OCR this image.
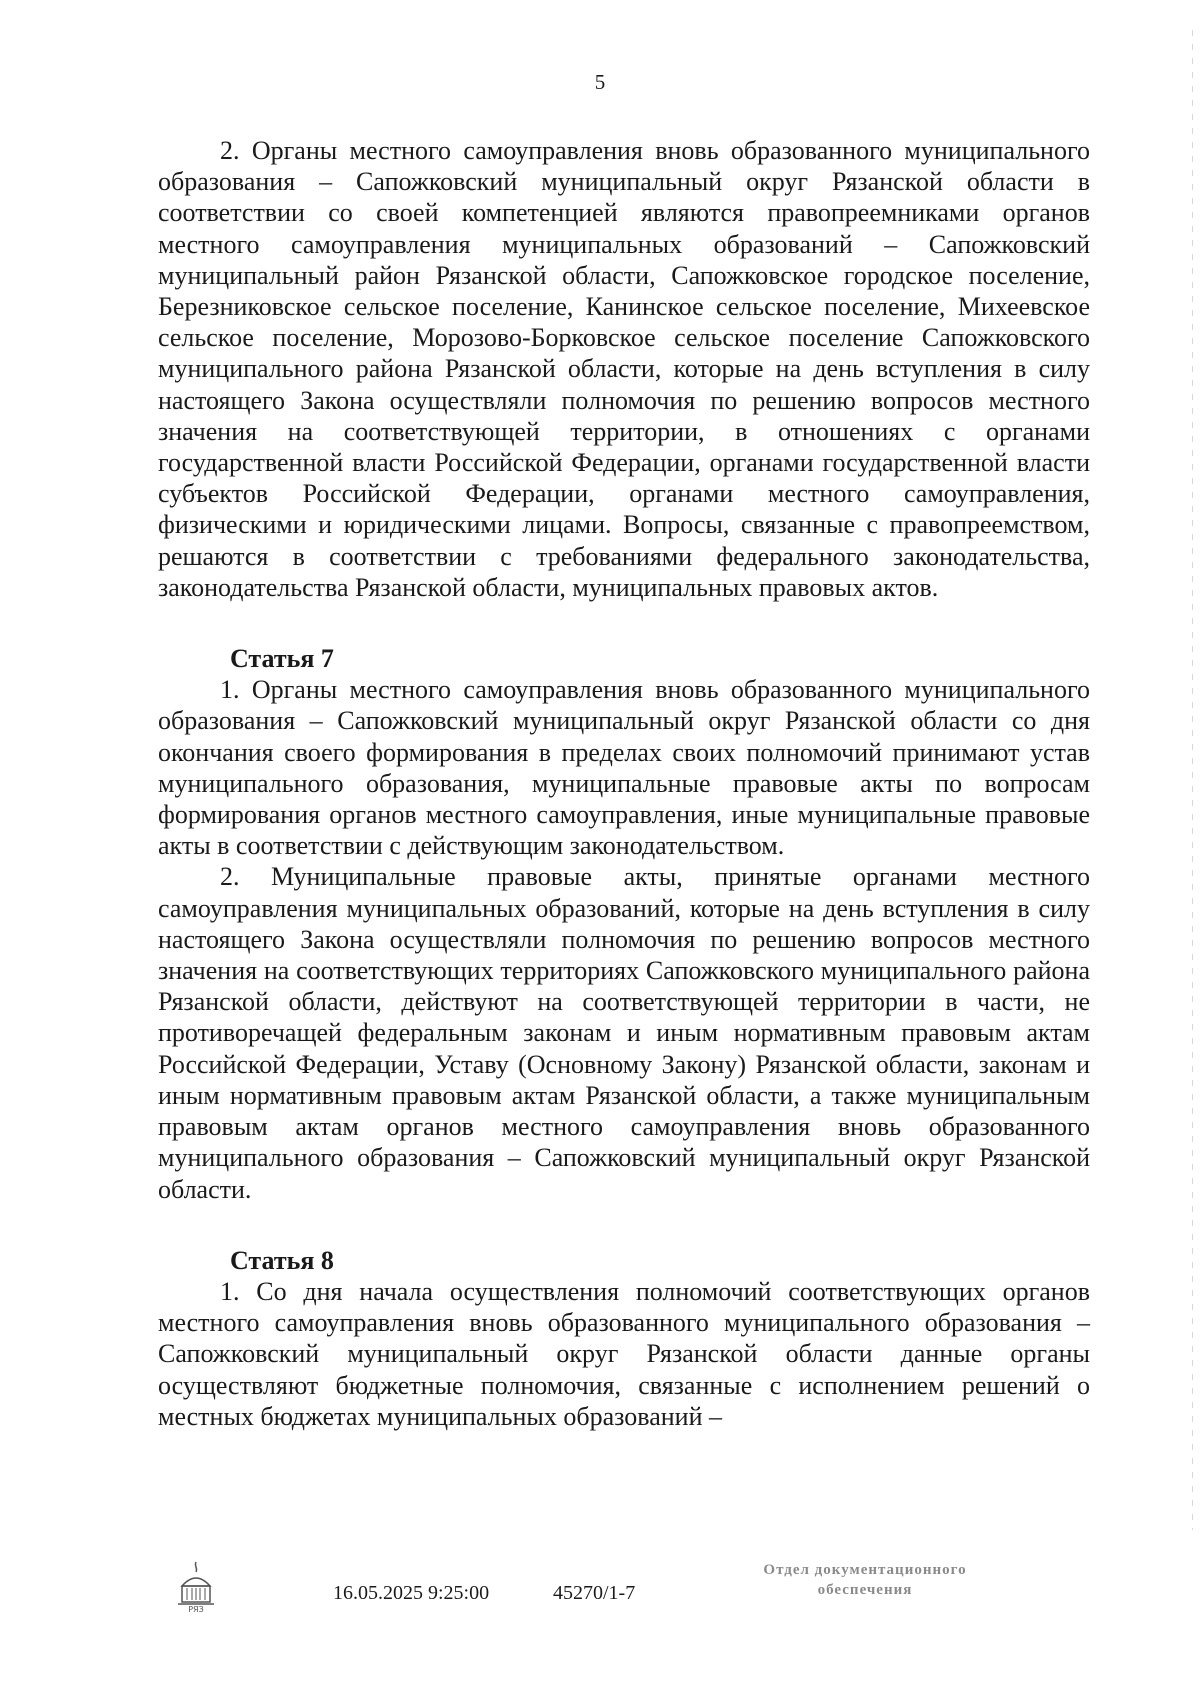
5

2. Органы местного самоуправления вновь образованного муниципального образования – Сапожковский муниципальный округ Рязанской области в соответствии со своей компетенцией являются правопреемниками органов местного самоуправления муниципальных образований – Сапожковский муниципальный район Рязанской области, Сапожковское городское поселение, Березниковское сельское поселение, Канинское сельское поселение, Михеевское сельское поселение, Морозово-Борковское сельское поселение Сапожковского муниципального района Рязанской области, которые на день вступления в силу настоящего Закона осуществляли полномочия по решению вопросов местного значения на соответствующей территории, в отношениях с органами государственной власти Российской Федерации, органами государственной власти субъектов Российской Федерации, органами местного самоуправления, физическими и юридическими лицами. Вопросы, связанные с правопреемством, решаются в соответствии с требованиями федерального законодательства, законодательства Рязанской области, муниципальных правовых актов.

Статья 7

1. Органы местного самоуправления вновь образованного муниципального образования – Сапожковский муниципальный округ Рязанской области со дня окончания своего формирования в пределах своих полномочий принимают устав муниципального образования, муниципальные правовые акты по вопросам формирования органов местного самоуправления, иные муниципальные правовые акты в соответствии с действующим законодательством.

2. Муниципальные правовые акты, принятые органами местного самоуправления муниципальных образований, которые на день вступления в силу настоящего Закона осуществляли полномочия по решению вопросов местного значения на соответствующих территориях Сапожковского муниципального района Рязанской области, действуют на соответствующей территории в части, не противоречащей федеральным законам и иным нормативным правовым актам Российской Федерации, Уставу (Основному Закону) Рязанской области, законам и иным нормативным правовым актам Рязанской области, а также муниципальным правовым актам органов местного самоуправления вновь образованного муниципального образования – Сапожковский муниципальный округ Рязанской области.

Статья 8

1. Со дня начала осуществления полномочий соответствующих органов местного самоуправления вновь образованного муниципального образования – Сапожковский муниципальный округ Рязанской области данные органы осуществляют бюджетные полномочия, связанные с исполнением решений о местных бюджетах муниципальных образований –

РЯЗ
16.05.2025 9:25:00	45270/1-7
Отдел документационного
обеспечения
